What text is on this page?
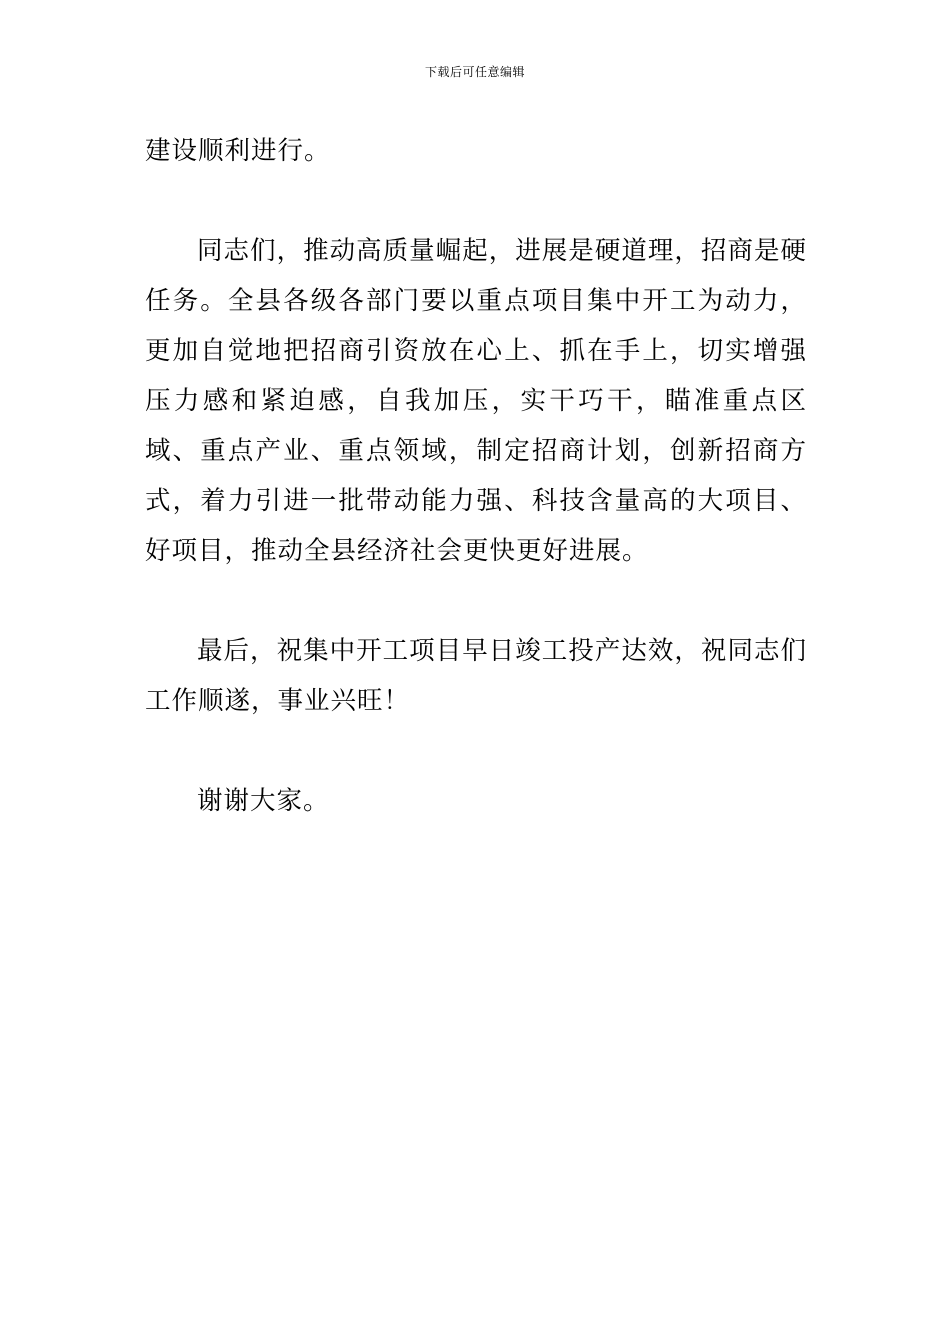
下载后可任意编辑

建设顺利进行。

同志们，推动高质量崛起，进展是硬道理，招商是硬任务。全县各级各部门要以重点项目集中开工为动力，更加自觉地把招商引资放在心上、抓在手上，切实增强压力感和紧迫感，自我加压，实干巧干，瞄准重点区域、重点产业、重点领域，制定招商计划，创新招商方式，着力引进一批带动能力强、科技含量高的大项目、好项目，推动全县经济社会更快更好进展。

最后，祝集中开工项目早日竣工投产达效，祝同志们工作顺遂，事业兴旺！

谢谢大家。
